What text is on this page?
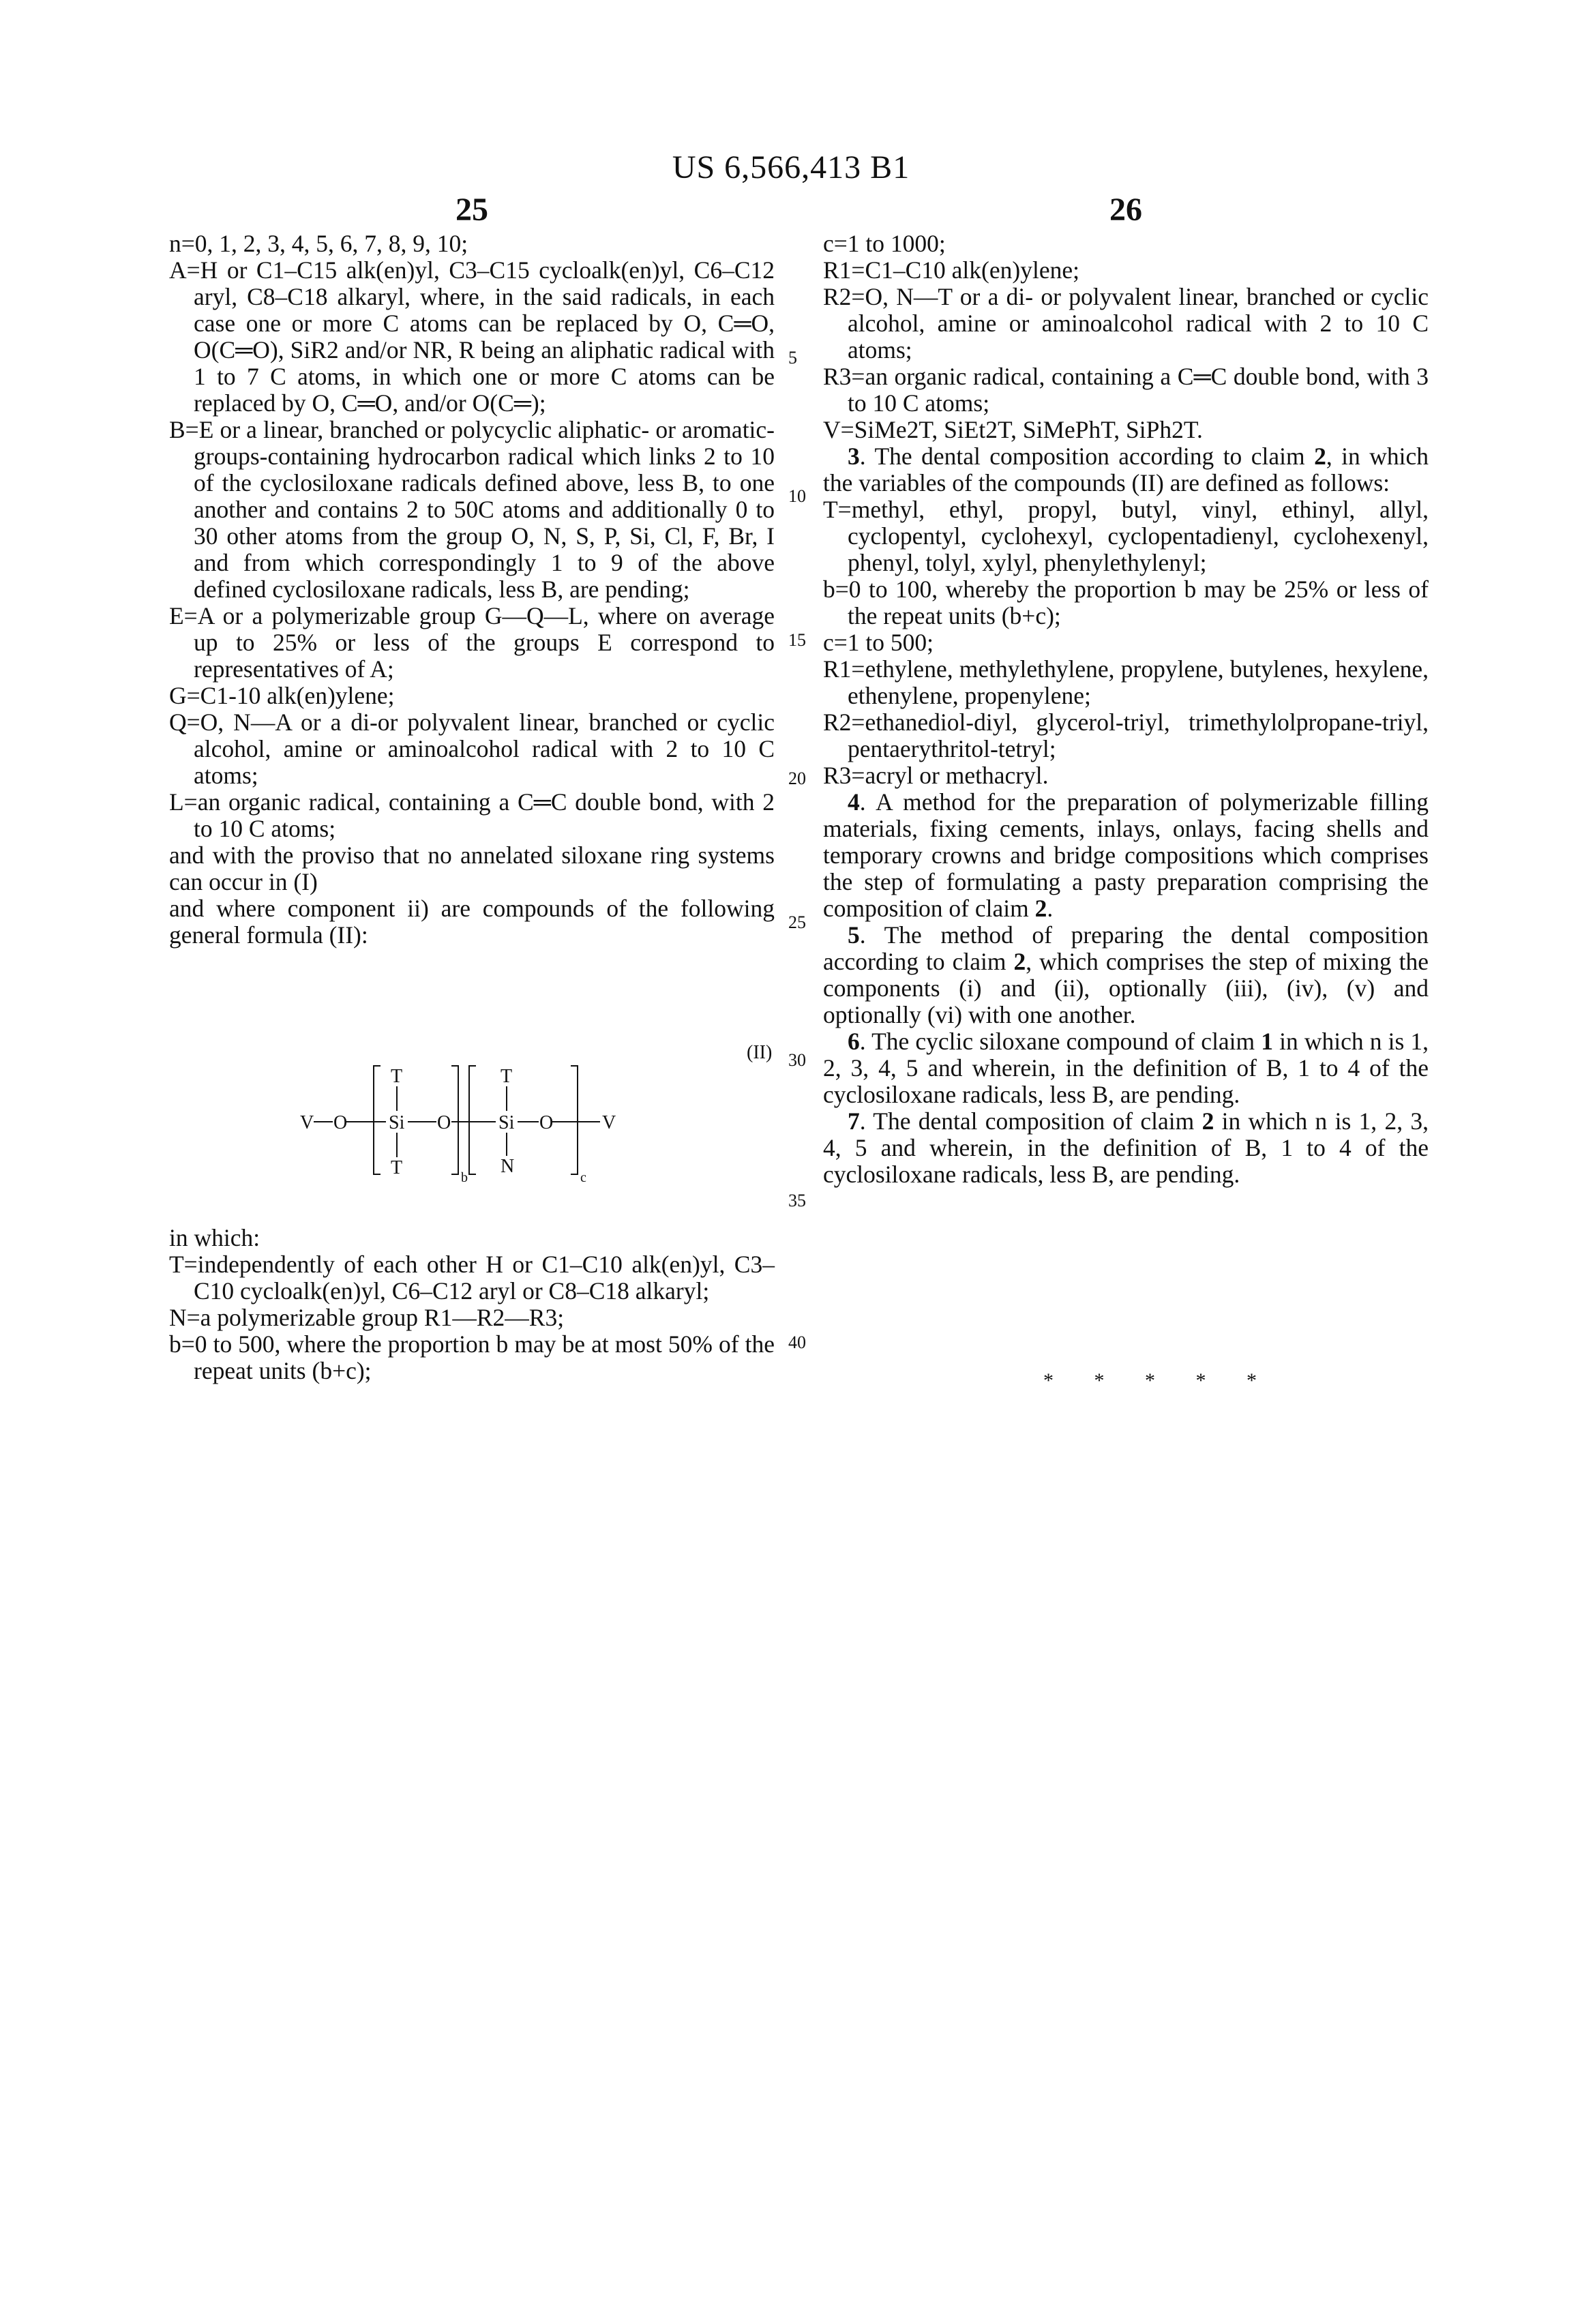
US 6,566,413 B1
25	26

n=0, 1, 2, 3, 4, 5, 6, 7, 8, 9, 10;

A=H or C1–C15 alk(en)yl, C3–C15 cycloalk(en)yl, C6–C12 aryl, C8–C18 alkaryl, where, in the said radicals, in each case one or more C atoms can be replaced by O, C═O, O(C═O), SiR2 and/or NR, R being an aliphatic radical with 1 to 7 C atoms, in which one or more C atoms can be replaced by O, C═O, and/or O(C═);

B=E or a linear, branched or polycyclic aliphatic- or aromatic-groups-containing hydrocarbon radical which links 2 to 10 of the cyclosiloxane radicals defined above, less B, to one another and contains 2 to 50C atoms and additionally 0 to 30 other atoms from the group O, N, S, P, Si, Cl, F, Br, I and from which correspondingly 1 to 9 of the above defined cyclosiloxane radicals, less B, are pending;

E=A or a polymerizable group G—Q—L, where on average up to 25% or less of the groups E correspond to representatives of A;

G=C1-10 alk(en)ylene;

Q=O, N—A or a di-or polyvalent linear, branched or cyclic alcohol, amine or aminoalcohol radical with 2 to 10 C atoms;

L=an organic radical, containing a C═C double bond, with 2 to 10 C atoms;

and with the proviso that no annelated siloxane ring systems can occur in (I)

and where component ii) are compounds of the following general formula (II):

in which:

T=independently of each other H or C1–C10 alk(en)yl, C3–C10 cycloalk(en)yl, C6–C12 aryl or C8–C18 alkaryl;

N=a polymerizable group R1—R2—R3;

b=0 to 500, where the proportion b may be at most 50% of the repeat units (b+c);

(II)
V O Si
T
T
O Si
T
N
O	V
b	c
5
10
15
20
25
30
35
40

c=1 to 1000;

R1=C1–C10 alk(en)ylene;

R2=O, N—T or a di- or polyvalent linear, branched or cyclic alcohol, amine or aminoalcohol radical with 2 to 10 C atoms;

R3=an organic radical, containing a C═C double bond, with 3 to 10 C atoms;

V=SiMe2T, SiEt2T, SiMePhT, SiPh2T.

3. The dental composition according to claim 2, in which the variables of the compounds (II) are defined as follows:

T=methyl, ethyl, propyl, butyl, vinyl, ethinyl, allyl, cyclopentyl, cyclohexyl, cyclopentadienyl, cyclohexenyl, phenyl, tolyl, xylyl, phenylethylenyl;

b=0 to 100, whereby the proportion b may be 25% or less of the repeat units (b+c);

c=1 to 500;

R1=ethylene, methylethylene, propylene, butylenes, hexylene, ethenylene, propenylene;

R2=ethanediol-diyl, glycerol-triyl, trimethylolpropane-triyl, pentaerythritol-tetryl;

R3=acryl or methacryl.

4. A method for the preparation of polymerizable filling materials, fixing cements, inlays, onlays, facing shells and temporary crowns and bridge compositions which comprises the step of formulating a pasty preparation comprising the composition of claim 2.

5. The method of preparing the dental composition according to claim 2, which comprises the step of mixing the components (i) and (ii), optionally (iii), (iv), (v) and optionally (vi) with one another.

6. The cyclic siloxane compound of claim 1 in which n is 1, 2, 3, 4, 5 and wherein, in the definition of B, 1 to 4 of the cyclosiloxane radicals, less B, are pending.

7. The dental composition of claim 2 in which n is 1, 2, 3, 4, 5 and wherein, in the definition of B, 1 to 4 of the cyclosiloxane radicals, less B, are pending.

* * * * *
